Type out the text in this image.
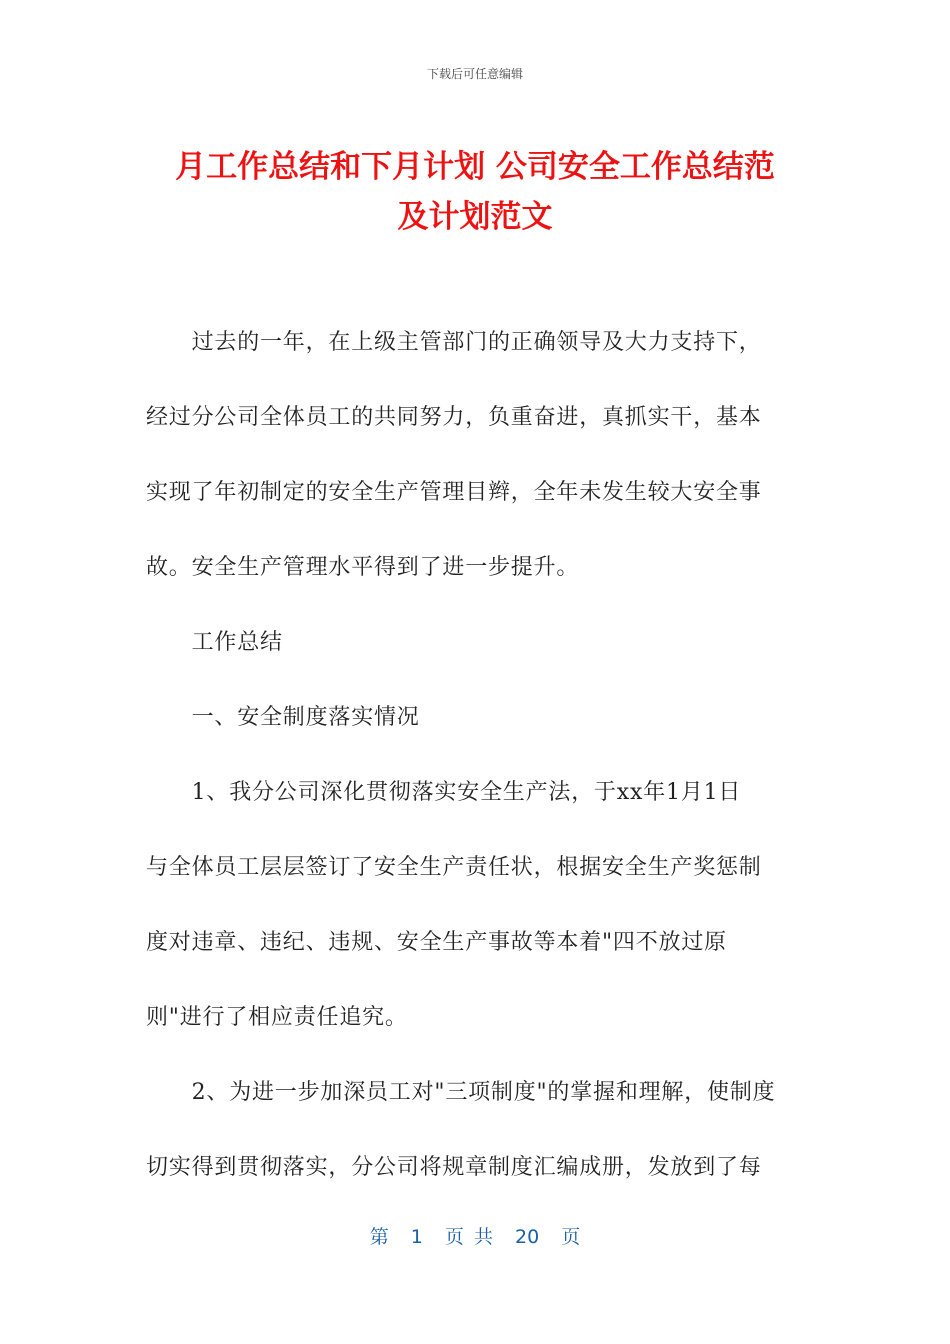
下载后可任意编辑
月工作总结和下月计划 公司安全工作总结范
及计划范文
　　过去的一年，在上级主管部门的正确领导及大力支持下，
经过分公司全体员工的共同努力，负重奋进，真抓实干，基本
实现了年初制定的安全生产管理目辫，全年未发生较大安全事
故。安全生产管理水平得到了进一步提升。
　　工作总结
　　一、安全制度落实情况
　　1、我分公司深化贯彻落实安全生产法，于xx年1月1日
与全体员工层层签订了安全生产责任状，根据安全生产奖惩制
度对违章、违纪、违规、安全生产事故等本着"四不放过原
则"进行了相应责任追究。
　　2、为进一步加深员工对"三项制度"的掌握和理解，使制度
切实得到贯彻落实，分公司将规章制度汇编成册，发放到了每
第 1 页 共 20 页
